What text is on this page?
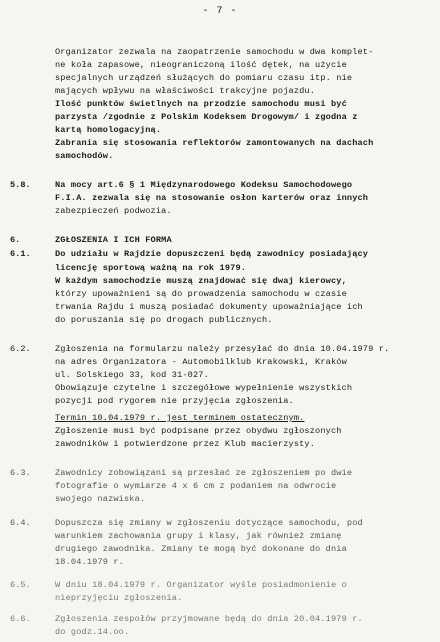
- 7 -
Organizator zezwala na zaopatrzenie samochodu w dwa komplet-
ne koła zapasowe, nieograniczoną ilość dętek, na użycie
specjalnych urządzeń służących do pomiaru czasu itp. nie
mających wpływu na właściwości trakcyjne pojazdu.
Ilość punktów świetlnych na przodzie samochodu musi być
parzysta /zgodnie z Polskim Kodeksem Drogowym/ i zgodna z
kartą homologacyjną.
Zabrania się stosowania reflektorów zamontowanych na dachach
samochodów.
5.8.	Na mocy art.6 § 1 Międzynarodowego Kodeksu Samochodowego
F.I.A. zezwala się na stosowanie osłon karterów oraz innych
zabezpieczeń podwozia.
6.	ZGŁOSZENIA I ICH FORMA
6.1.	Do udziału w Rajdzie dopuszczeni będą zawodnicy posiadający
licencję sportową ważną na rok 1979.
W każdym samochodzie muszą znajdować się dwaj kierowcy,
którzy upoważnieni są do prowadzenia samochodu w czasie
trwania Rajdu i muszą posiadać dokumenty upoważniające ich
do poruszania się po drogach publicznych.
6.2.	Zgłoszenia na formularzu należy przesyłać do dnia 10.04.1979 r.
na adres Organizatora - Automobilklub Krakowski, Kraków
ul. Solskiego 33, kod 31-027.
Obowiązuje czytelne i szczegółowe wypełnienie wszystkich
pozycji pod rygorem nie przyjęcia zgłoszenia.
Termin 10.04.1979 r. jest terminem ostatecznym.
Zgłoszenie musi być podpisane przez obydwu zgłoszonych
zawodników i potwierdzone przez Klub macierzysty.
6.3.	Zawodnicy zobowiązani są przesłać ze zgłoszeniem po dwie
fotografie o wymiarze 4 x 6 cm z podaniem na odwrocie
swojego nazwiska.
6.4.	Dopuszcza się zmiany w zgłoszeniu dotyczące samochodu, pod
warunkiem zachowania grupy i klasy, jak również zmianę
drugiego zawodnika. Zmiany te mogą być dokonane do dnia
18.04.1979 r.
6.5.	W dniu 18.04.1979 r. Organizator wyśle posiadmonienie o
nieprzyjęciu zgłoszenia.
6.6.	Zgłoszenia zespołów przyjmowane będą do dnia 20.04.1979 r.
do godz.14.oo.
